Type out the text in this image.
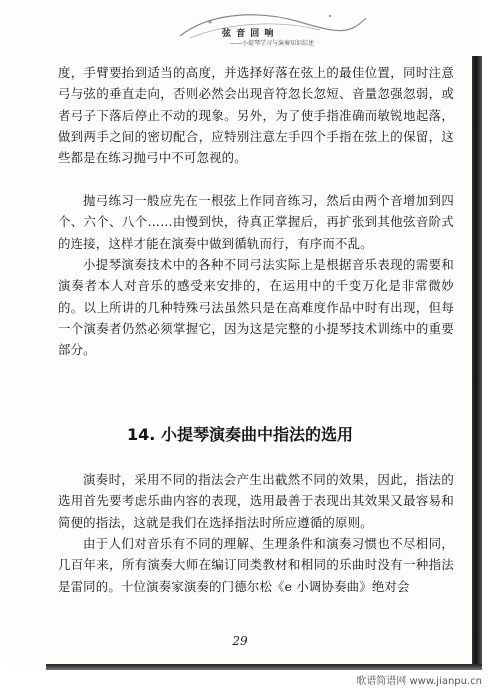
弦 音 回 响
——小提琴学习与演奏知识综述

度，手臂要抬到适当的高度，并选择好落在弦上的最佳位置，同时注意弓与弦的垂直走向，否则必然会出现音符忽长忽短、音量忽强忽弱，或者弓子下落后停止不动的现象。另外，为了使手指准确而敏锐地起落，做到两手之间的密切配合，应特别注意左手四个手指在弦上的保留，这些都是在练习抛弓中不可忽视的。

抛弓练习一般应先在一根弦上作同音练习，然后由两个音增加到四个、六个、八个……由慢到快，待真正掌握后，再扩张到其他弦音阶式的连接，这样才能在演奏中做到循轨而行，有序而不乱。

小提琴演奏技术中的各种不同弓法实际上是根据音乐表现的需要和演奏者本人对音乐的感受来安排的，在运用中的千变万化是非常微妙的。以上所讲的几种特殊弓法虽然只是在高难度作品中时有出现，但每一个演奏者仍然必须掌握它，因为这是完整的小提琴技术训练中的重要部分。

14. 小提琴演奏曲中指法的选用

演奏时，采用不同的指法会产生出截然不同的效果，因此，指法的选用首先要考虑乐曲内容的表现，选用最善于表现出其效果又最容易和简便的指法，这就是我们在选择指法时所应遵循的原则。

由于人们对音乐有不同的理解、生理条件和演奏习惯也不尽相同，几百年来，所有演奏大师在编订同类教材和相同的乐曲时没有一种指法是雷同的。十位演奏家演奏的门德尔松《e 小调协奏曲》绝对会

29
歌谱简谱网 www.jianpu.cn
